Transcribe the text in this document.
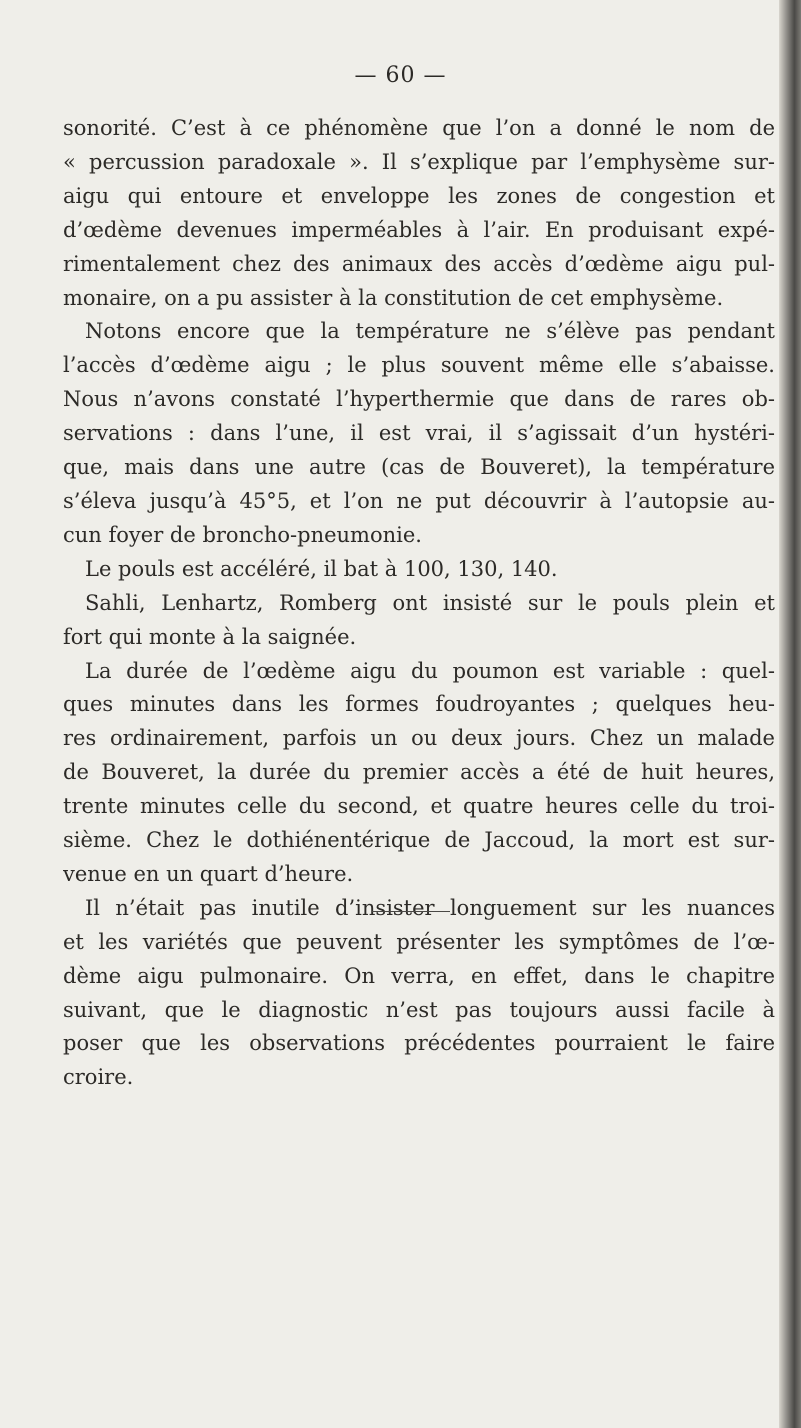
— 60 —
sonorité. C’est à ce phénomène que l’on a donné le nom de
« percussion paradoxale ». Il s’explique par l’emphysème sur-
aigu qui entoure et enveloppe les zones de congestion et
d’œdème devenues imperméables à l’air. En produisant expé-
rimentalement chez des animaux des accès d’œdème aigu pul-
monaire, on a pu assister à la constitution de cet emphysème.
Notons encore que la température ne s’élève pas pendant
l’accès d’œdème aigu ; le plus souvent même elle s’abaisse.
Nous n’avons constaté l’hyperthermie que dans de rares ob-
servations : dans l’une, il est vrai, il s’agissait d’un hystéri-
que, mais dans une autre (cas de Bouveret), la température
s’éleva jusqu’à 45°5, et l’on ne put découvrir à l’autopsie au-
cun foyer de broncho-pneumonie.
Le pouls est accéléré, il bat à 100, 130, 140.
Sahli, Lenhartz, Romberg ont insisté sur le pouls plein et
fort qui monte à la saignée.
La durée de l’œdème aigu du poumon est variable : quel-
ques minutes dans les formes foudroyantes ; quelques heu-
res ordinairement, parfois un ou deux jours. Chez un malade
de Bouveret, la durée du premier accès a été de huit heures,
trente minutes celle du second, et quatre heures celle du troi-
sième. Chez le dothiénentérique de Jaccoud, la mort est sur-
venue en un quart d’heure.
Il n’était pas inutile d’insister longuement sur les nuances
et les variétés que peuvent présenter les symptômes de l’œ-
dème aigu pulmonaire. On verra, en effet, dans le chapitre
suivant, que le diagnostic n’est pas toujours aussi facile à
poser que les observations précédentes pourraient le faire
croire.
